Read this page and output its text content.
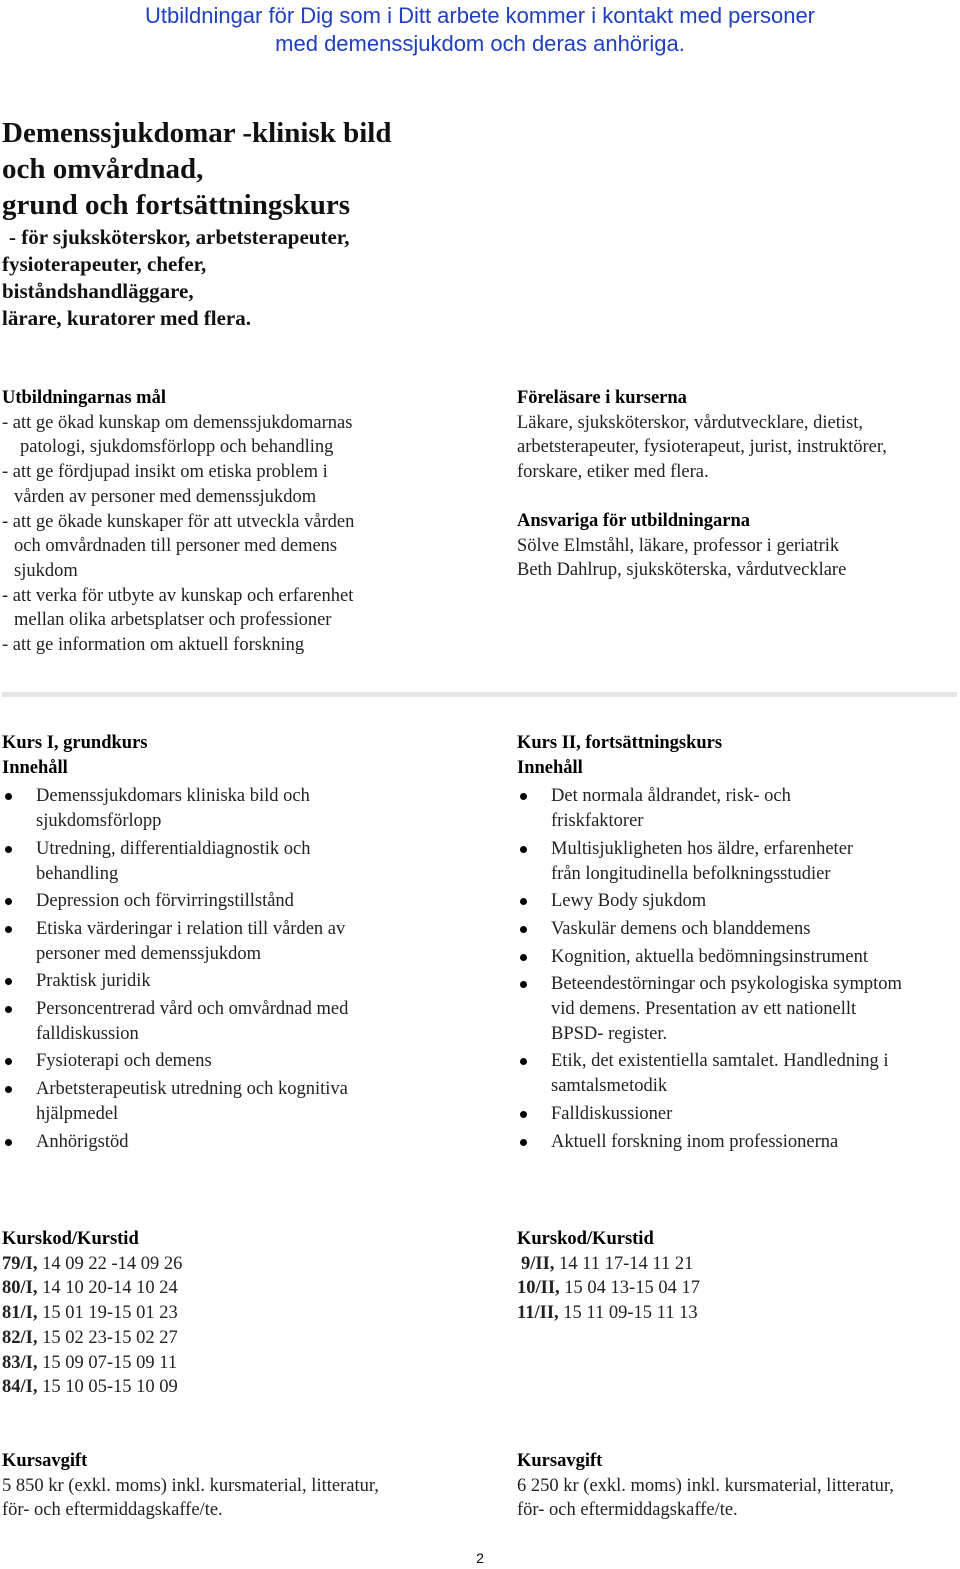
Utbildningar för Dig som i Ditt arbete kommer i kontakt med personer
med demenssjukdom och deras anhöriga.
Demenssjukdomar -klinisk bild
och omvårdnad,
grund och fortsättningskurs
- för sjuksköterskor, arbetsterapeuter,
fysioterapeuter, chefer,
biståndshandläggare,
lärare, kuratorer med flera.
Utbildningarnas mål
- att ge ökad kunskap om demenssjukdomarnas
patologi, sjukdomsförlopp och behandling
- att ge fördjupad insikt om etiska problem i
vården av personer med demenssjukdom
- att ge ökade kunskaper för att utveckla vården
och omvårdnaden till personer med demens
sjukdom
- att verka för utbyte av kunskap och erfarenhet
mellan olika arbetsplatser och professioner
- att ge information om aktuell forskning
Föreläsare i kurserna
Läkare, sjuksköterskor, vårdutvecklare, dietist,
arbetsterapeuter, fysioterapeut, jurist, instruktörer,
forskare, etiker med flera.
Ansvariga för utbildningarna
Sölve Elmståhl, läkare, professor i geriatrik
Beth Dahlrup, sjuksköterska, vårdutvecklare
Kurs I, grundkurs
Innehåll
Demenssjukdomars kliniska bild och
sjukdomsförlopp
Utredning, differentialdiagnostik och
behandling
Depression och förvirringstillstånd
Etiska värderingar i relation till vården av
personer med demenssjukdom
Praktisk juridik
Personcentrerad vård och omvårdnad med
falldiskussion
Fysioterapi och demens
Arbetsterapeutisk utredning och kognitiva
hjälpmedel
Anhörigstöd
Kurs II, fortsättningskurs
Innehåll
Det normala åldrandet, risk- och
friskfaktorer
Multisjukligheten hos äldre, erfarenheter
från longitudinella befolkningsstudier
Lewy Body sjukdom
Vaskulär demens och blanddemens
Kognition, aktuella bedömningsinstrument
Beteendestörningar och psykologiska symptom
vid demens. Presentation av ett nationellt
BPSD- register.
Etik, det existentiella samtalet. Handledning i
samtalsmetodik
Falldiskussioner
Aktuell forskning inom professionerna
Kurskod/Kurstid
79/I, 14 09 22 -14 09 26
80/I, 14 10 20-14 10 24
81/I, 15 01 19-15 01 23
82/I, 15 02 23-15 02 27
83/I, 15 09 07-15 09 11
84/I, 15 10 05-15 10 09
Kurskod/Kurstid
9/II, 14 11 17-14 11 21
10/II, 15 04 13-15 04 17
11/II, 15 11 09-15 11 13
Kursavgift
5 850 kr (exkl. moms) inkl. kursmaterial, litteratur,
för- och eftermiddagskaffe/te.
Kursavgift
6 250 kr (exkl. moms) inkl. kursmaterial, litteratur,
för- och eftermiddagskaffe/te.
2
